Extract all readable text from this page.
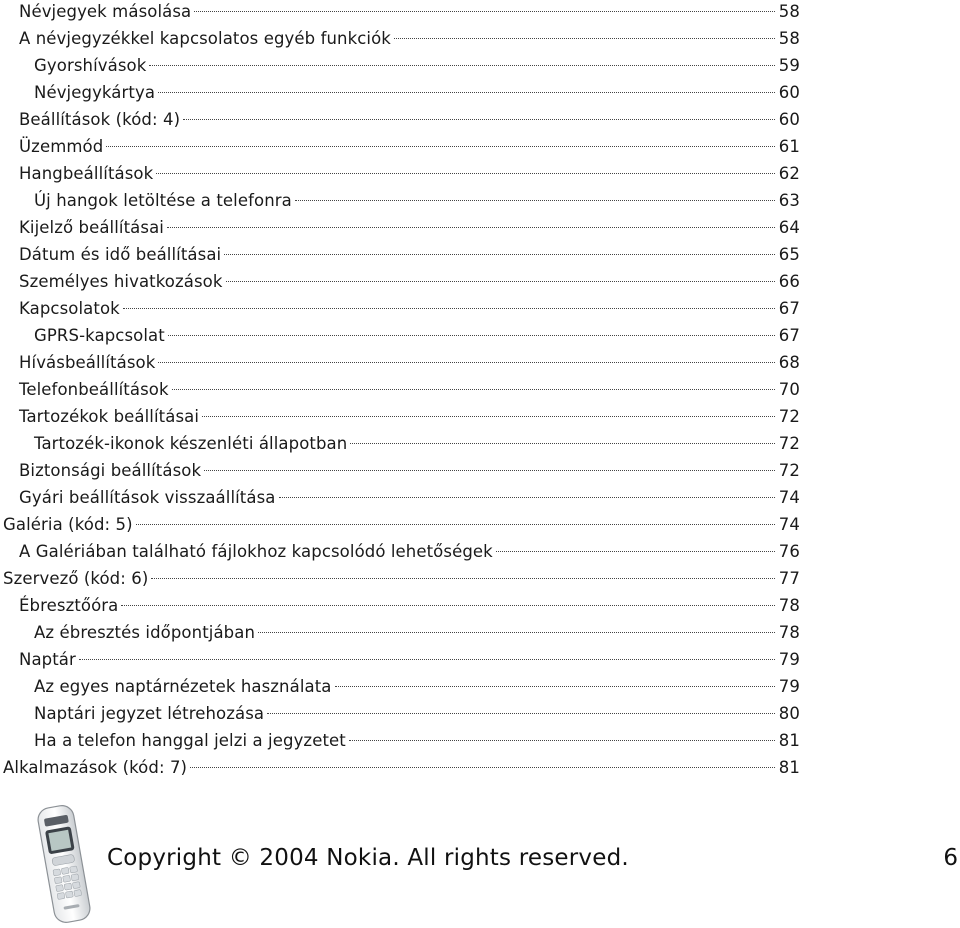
Névjegyek másolása	58
A névjegyzékkel kapcsolatos egyéb funkciók	58
Gyorshívások	59
Névjegykártya	60
Beállítások (kód: 4)	60
Üzemmód	61
Hangbeállítások	62
Új hangok letöltése a telefonra	63
Kijelző beállításai	64
Dátum és idő beállításai	65
Személyes hivatkozások	66
Kapcsolatok	67
GPRS-kapcsolat	67
Hívásbeállítások	68
Telefonbeállítások	70
Tartozékok beállításai	72
Tartozék-ikonok készenléti állapotban	72
Biztonsági beállítások	72
Gyári beállítások visszaállítása	74
Galéria (kód: 5)	74
A Galériában található fájlokhoz kapcsolódó lehetőségek	76
Szervező (kód: 6)	77
Ébresztőóra	78
Az ébresztés időpontjában	78
Naptár	79
Az egyes naptárnézetek használata	79
Naptári jegyzet létrehozása	80
Ha a telefon hanggal jelzi a jegyzetet	81
Alkalmazások (kód: 7)	81
Copyright © 2004 Nokia. All rights reserved.	6
